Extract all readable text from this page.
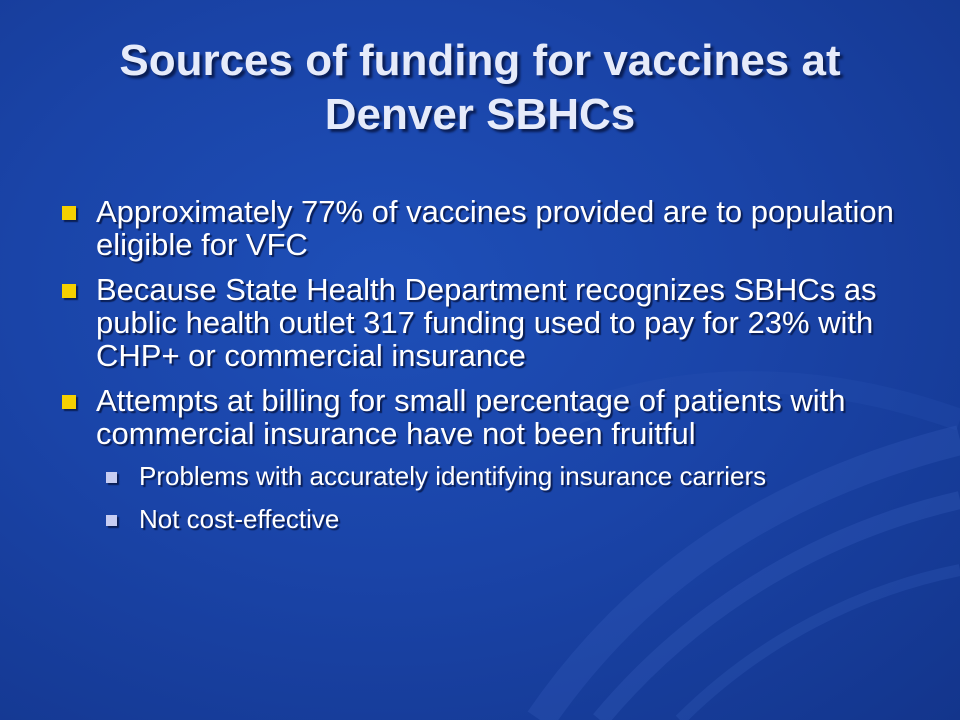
Sources of funding for vaccines at Denver SBHCs
Approximately 77% of vaccines provided are to population eligible for VFC
Because State Health Department recognizes SBHCs as public health outlet 317 funding used to pay for 23% with CHP+ or commercial insurance
Attempts at billing for small percentage of patients with commercial insurance have not been fruitful
Problems with accurately identifying insurance carriers
Not cost-effective
